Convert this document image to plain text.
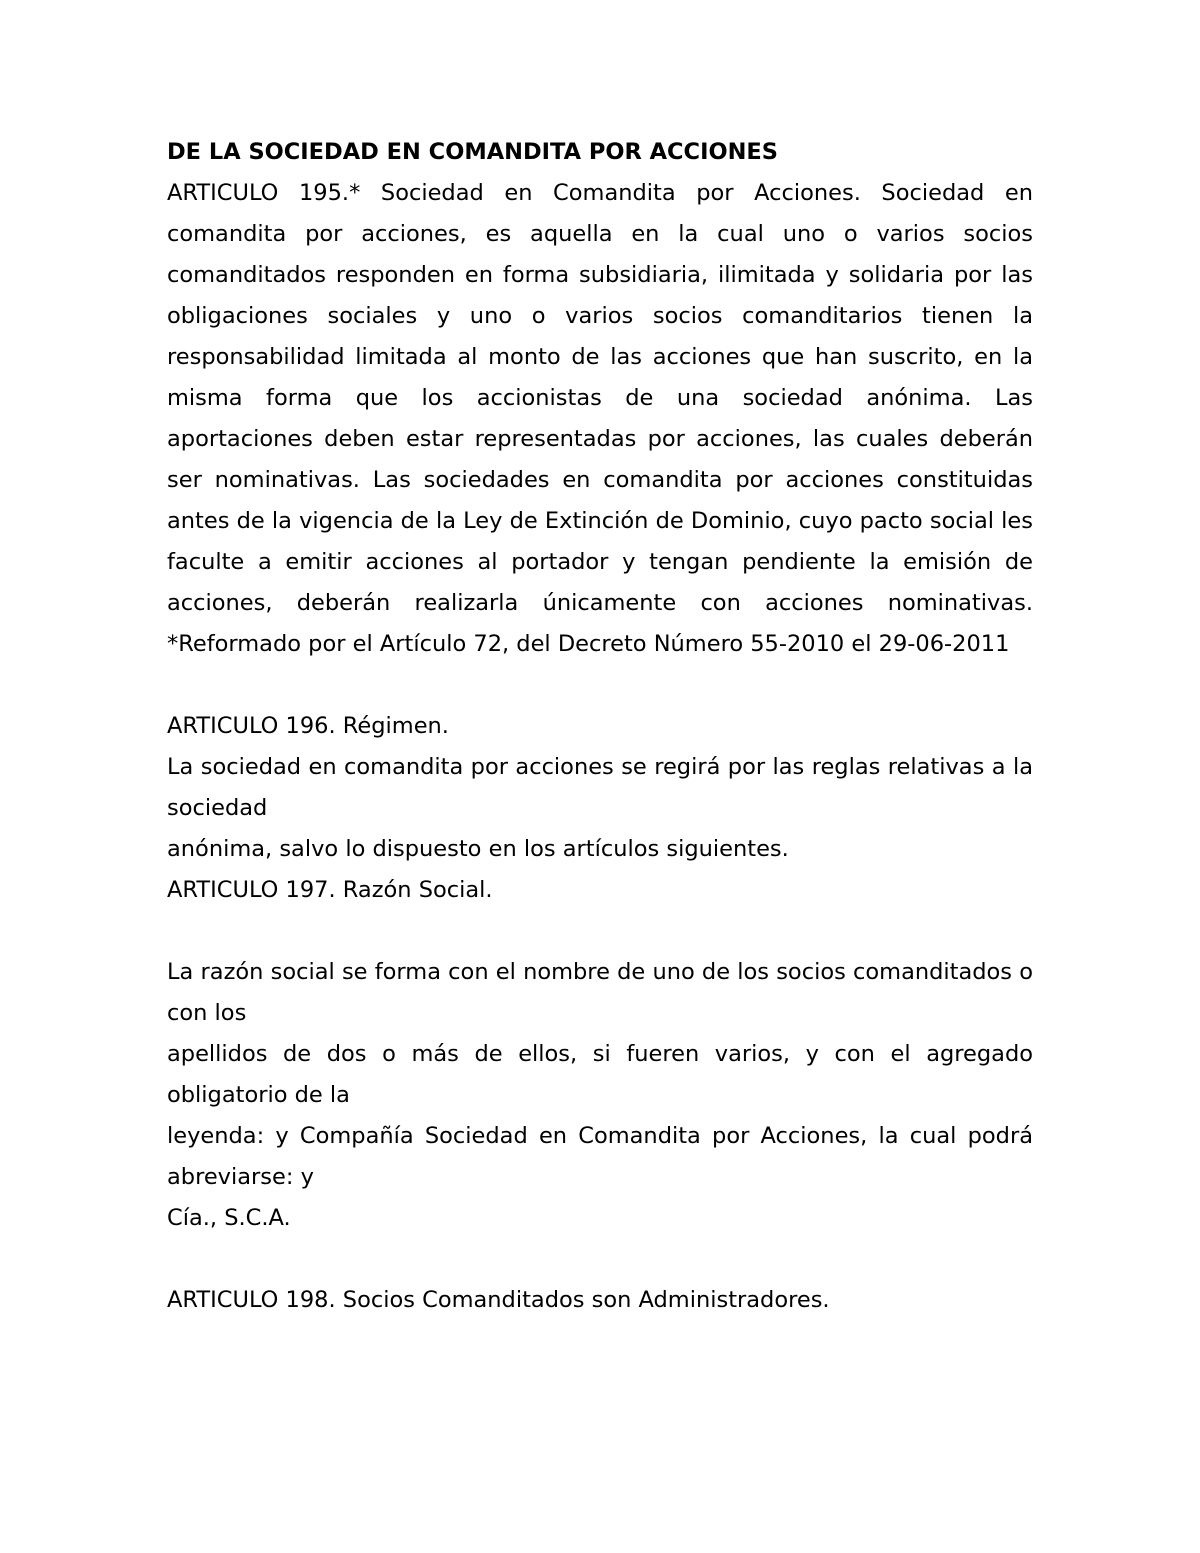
DE LA SOCIEDAD EN COMANDITA POR ACCIONES

ARTICULO 195.* Sociedad en Comandita por Acciones. Sociedad en comandita por acciones, es aquella en la cual uno o varios socios comanditados responden en forma subsidiaria, ilimitada y solidaria por las obligaciones sociales y uno o varios socios comanditarios tienen la responsabilidad limitada al monto de las acciones que han suscrito, en la misma forma que los accionistas de una sociedad anónima. Las aportaciones deben estar representadas por acciones, las cuales deberán ser nominativas. Las sociedades en comandita por acciones constituidas antes de la vigencia de la Ley de Extinción de Dominio, cuyo pacto social les faculte a emitir acciones al portador y tengan pendiente la emisión de acciones, deberán realizarla únicamente con acciones nominativas. *Reformado por el Artículo 72, del Decreto Número 55-2010 el 29-06-2011

ARTICULO 196. Régimen.

La sociedad en comandita por acciones se regirá por las reglas relativas a la sociedad

anónima, salvo lo dispuesto en los artículos siguientes.

ARTICULO 197. Razón Social.

La razón social se forma con el nombre de uno de los socios comanditados o con los

apellidos de dos o más de ellos, si fueren varios, y con el agregado obligatorio de la

leyenda: y Compañía Sociedad en Comandita por Acciones, la cual podrá abreviarse: y

Cía., S.C.A.

ARTICULO 198. Socios Comanditados son Administradores.
